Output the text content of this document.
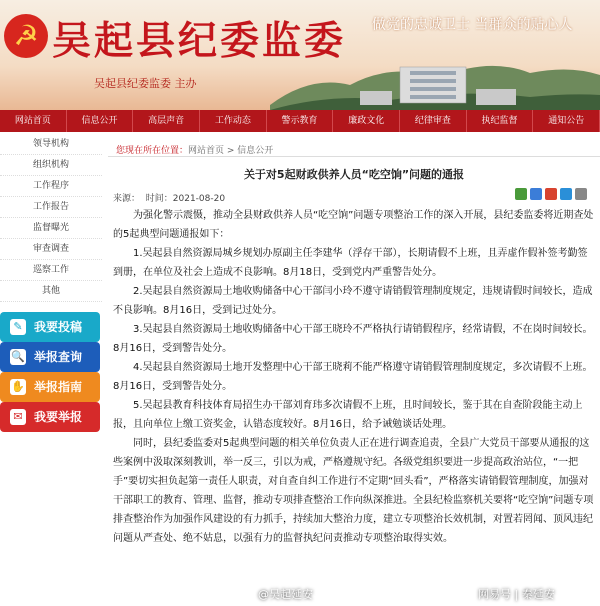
☭ 吴起县纪委监委 做党的忠诚卫士 当群众的贴心人
吴起县纪委监委 主办
网站首页	信息公开	高层声音	工作动态	警示教育	廉政文化	纪律审查	执纪监督	通知公告
领导机构
组织机构
工作程序
工作报告
监督曝光
审查调查
巡察工作
其他
✎ 我要投稿
🔍 举报查询
✋ 举报指南
✉ 我要举报
您现在所在位置：网站首页 > 信息公开
关于对5起财政供养人员“吃空饷”问题的通报
来源： 时间：2021-08-20

为强化警示震慑，推动全县财政供养人员“吃空饷”问题专项整治工作的深入开展，县纪委监委将近期查处的5起典型问题通报如下：

1.吴起县自然资源局城乡规划办原副主任李建华（浮存干部），长期请假不上班，且弄虚作假补签考勤签到册，在单位及社会上造成不良影响。8月18日，受到党内严重警告处分。

2.吴起县自然资源局土地收购储备中心干部闫小玲不遵守请销假管理制度规定，违规请假时间较长，造成不良影响。8月16日，受到记过处分。

3.吴起县自然资源局土地收购储备中心干部王晓玲不严格执行请销假程序，经常请假，不在岗时间较长。8月16日，受到警告处分。

4.吴起县自然资源局土地开发整理中心干部王晓莉不能严格遵守请销假管理制度规定，多次请假不上班。8月16日，受到警告处分。

5.吴起县教育科技体育局招生办干部刘育玮多次请假不上班，且时间较长，鉴于其在自查阶段能主动上报，且向单位上缴工资奖金，认错态度较好。8月16日，给予诫勉谈话处理。

同时，县纪委监委对5起典型问题的相关单位负责人正在进行调查追责，全县广大党员干部要从通报的这些案例中汲取深刻教训，举一反三，引以为戒，严格遵规守纪。各级党组织要进一步提高政治站位，“一把手”要切实担负起第一责任人职责，对自查自纠工作进行不定期“回头看”，严格落实请销假管理制度，加强对干部职工的教育、管理、监督，推动专项排查整治工作向纵深推进。全县纪检监察机关要将“吃空饷”问题专项排查整治作为加强作风建设的有力抓手，持续加大整治力度，建立专项整治长效机制，对置若罔闻、顶风违纪问题从严查处、绝不姑息，以强有力的监督执纪问责推动专项整治取得实效。

@吴起延安	网易号 | 秦延安
